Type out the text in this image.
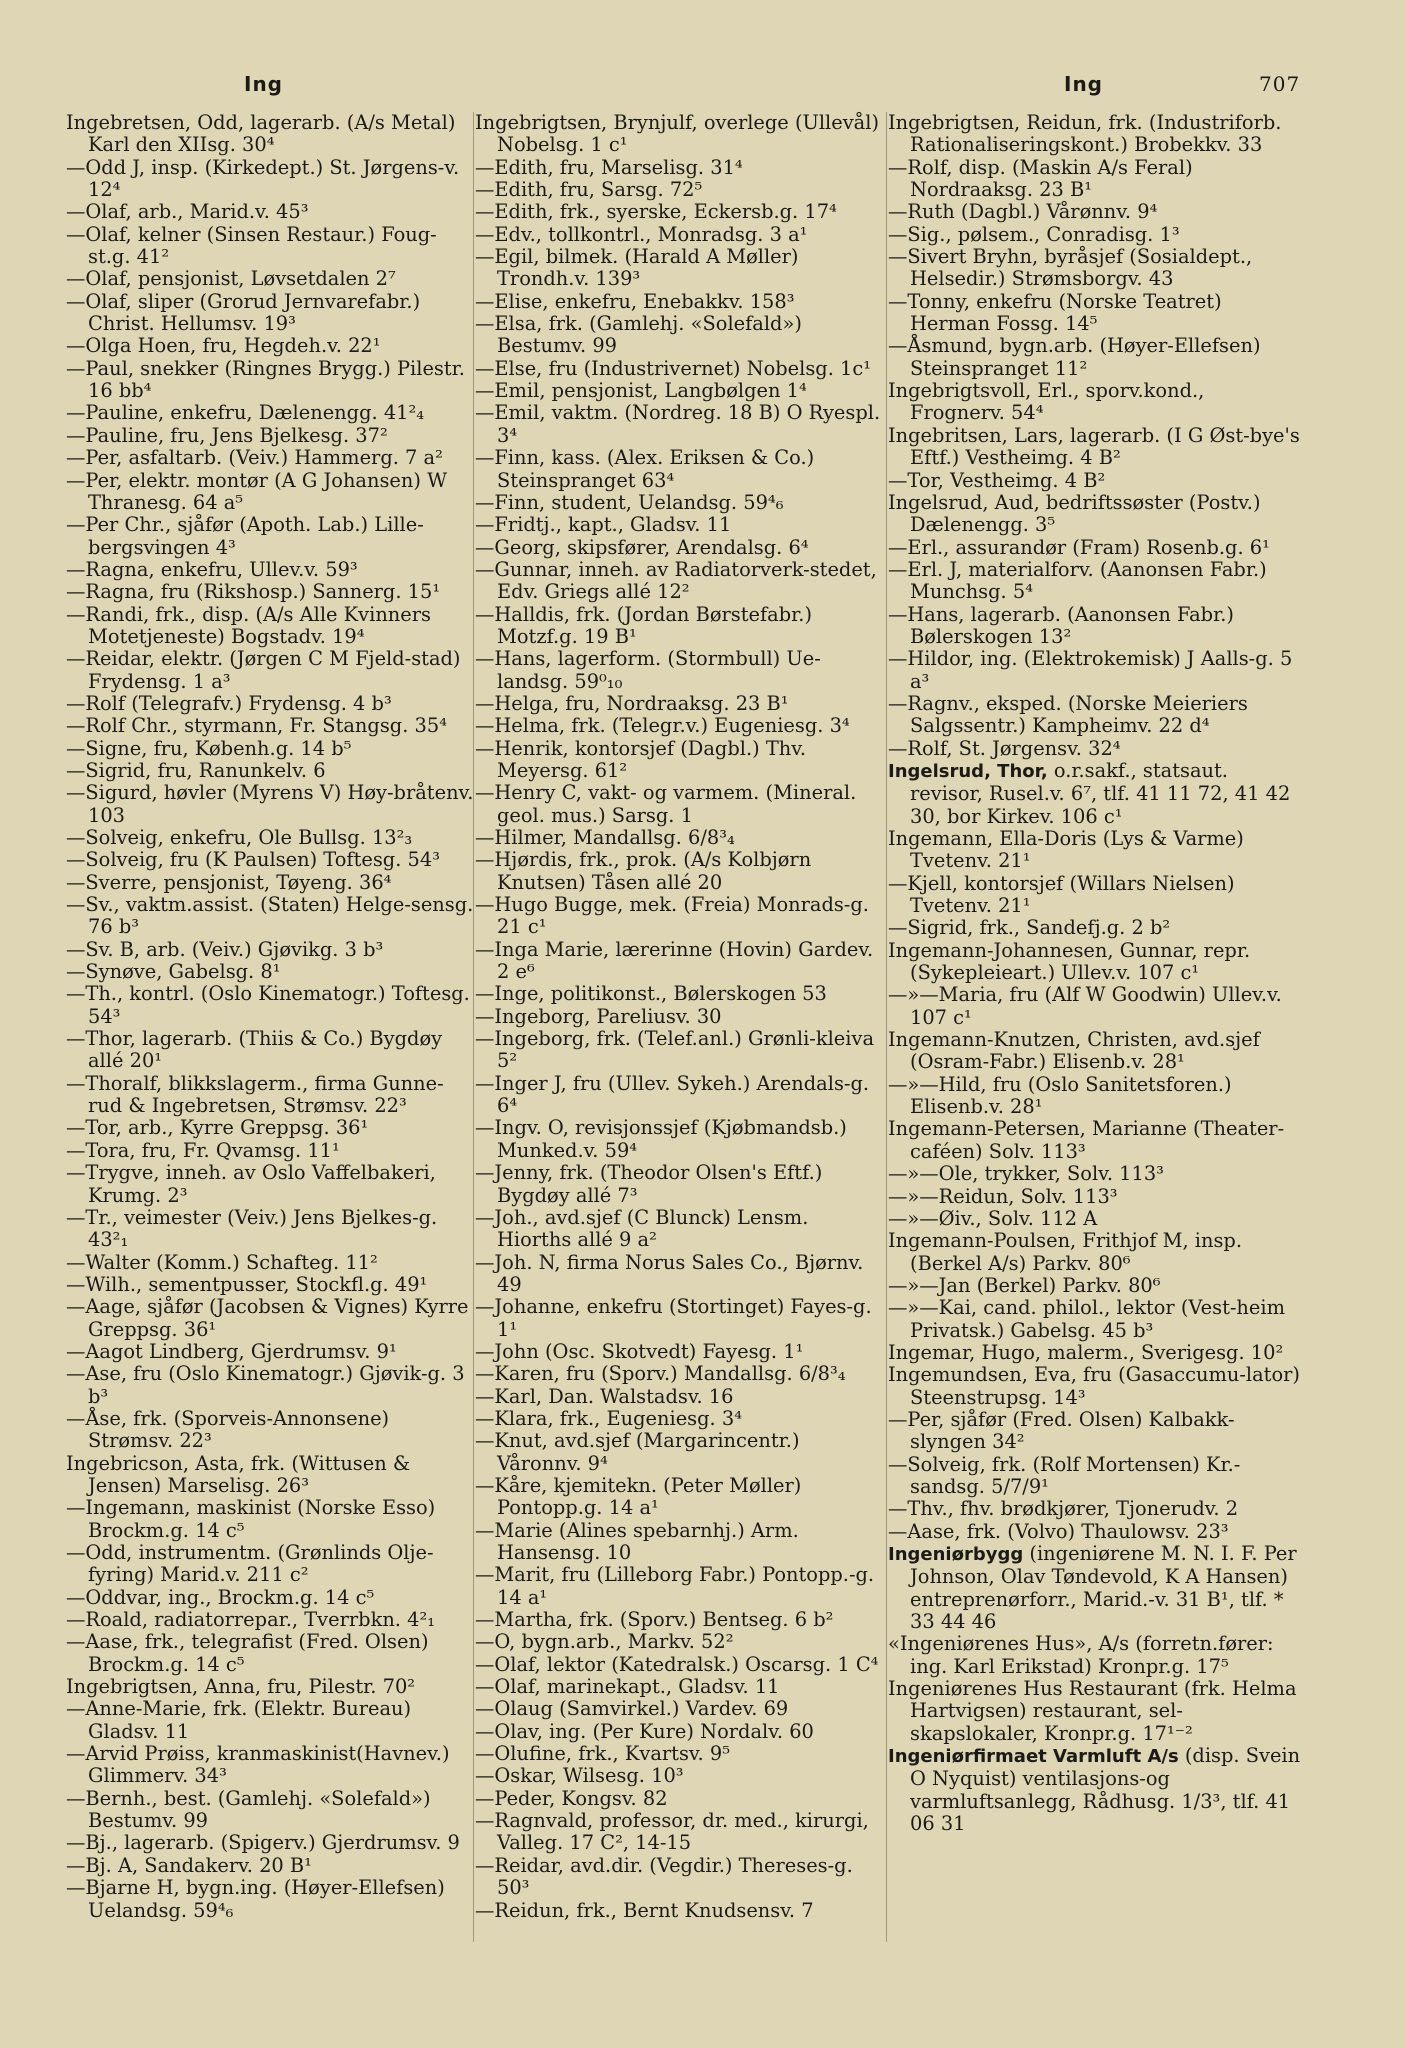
Ing	Ing	707

Ingebretsen, Odd, lagerarb. (A/s Metal) Karl den XIIsg. 30⁴

—Odd J, insp. (Kirkedept.) St. Jørgens-v. 12⁴

—Olaf, arb., Marid.v. 45³

—Olaf, kelner (Sinsen Restaur.) Foug-st.g. 41²

—Olaf, pensjonist, Løvsetdalen 2⁷

—Olaf, sliper (Grorud Jernvarefabr.) Christ. Hellumsv. 19³

—Olga Hoen, fru, Hegdeh.v. 22¹

—Paul, snekker (Ringnes Brygg.) Pilestr. 16 bb⁴

—Pauline, enkefru, Dælenengg. 41²₄

—Pauline, fru, Jens Bjelkesg. 37²

—Per, asfaltarb. (Veiv.) Hammerg. 7 a²

—Per, elektr. montør (A G Johansen) W Thranesg. 64 a⁵

—Per Chr., sjåfør (Apoth. Lab.) Lille-bergsvingen 4³

—Ragna, enkefru, Ullev.v. 59³

—Ragna, fru (Rikshosp.) Sannerg. 15¹

—Randi, frk., disp. (A/s Alle Kvinners Motetjeneste) Bogstadv. 19⁴

—Reidar, elektr. (Jørgen C M Fjeld-stad) Frydensg. 1 a³

—Rolf (Telegrafv.) Frydensg. 4 b³

—Rolf Chr., styrmann, Fr. Stangsg. 35⁴

—Signe, fru, Københ.g. 14 b⁵

—Sigrid, fru, Ranunkelv. 6

—Sigurd, høvler (Myrens V) Høy-bråtenv. 103

—Solveig, enkefru, Ole Bullsg. 13²₃

—Solveig, fru (K Paulsen) Toftesg. 54³

—Sverre, pensjonist, Tøyeng. 36⁴

—Sv., vaktm.assist. (Staten) Helge-sensg. 76 b³

—Sv. B, arb. (Veiv.) Gjøvikg. 3 b³

—Synøve, Gabelsg. 8¹

—Th., kontrl. (Oslo Kinematogr.) Toftesg. 54³

—Thor, lagerarb. (Thiis & Co.) Bygdøy allé 20¹

—Thoralf, blikkslagerm., firma Gunne-rud & Ingebretsen, Strømsv. 22³

—Tor, arb., Kyrre Greppsg. 36¹

—Tora, fru, Fr. Qvamsg. 11¹

—Trygve, inneh. av Oslo Vaffelbakeri, Krumg. 2³

—Tr., veimester (Veiv.) Jens Bjelkes-g. 43²₁

—Walter (Komm.) Schafteg. 11²

—Wilh., sementpusser, Stockfl.g. 49¹

—Aage, sjåfør (Jacobsen & Vignes) Kyrre Greppsg. 36¹

—Aagot Lindberg, Gjerdrumsv. 9¹

—Ase, fru (Oslo Kinematogr.) Gjøvik-g. 3 b³

—Åse, frk. (Sporveis-Annonsene) Strømsv. 22³

Ingebricson, Asta, frk. (Wittusen & Jensen) Marselisg. 26³

—Ingemann, maskinist (Norske Esso) Brockm.g. 14 c⁵

—Odd, instrumentm. (Grønlinds Olje-fyring) Marid.v. 211 c²

—Oddvar, ing., Brockm.g. 14 c⁵

—Roald, radiatorrepar., Tverrbkn. 4²₁

—Aase, frk., telegrafist (Fred. Olsen) Brockm.g. 14 c⁵

Ingebrigtsen, Anna, fru, Pilestr. 70²

—Anne-Marie, frk. (Elektr. Bureau) Gladsv. 11

—Arvid Prøiss, kranmaskinist(Havnev.) Glimmerv. 34³

—Bernh., best. (Gamlehj. «Solefald») Bestumv. 99

—Bj., lagerarb. (Spigerv.) Gjerdrumsv. 9

—Bj. A, Sandakerv. 20 B¹

—Bjarne H, bygn.ing. (Høyer-Ellefsen) Uelandsg. 59⁴₆

Ingebrigtsen, Brynjulf, overlege (Ullevål) Nobelsg. 1 c¹

—Edith, fru, Marselisg. 31⁴

—Edith, fru, Sarsg. 72⁵

—Edith, frk., syerske, Eckersb.g. 17⁴

—Edv., tollkontrl., Monradsg. 3 a¹

—Egil, bilmek. (Harald A Møller) Trondh.v. 139³

—Elise, enkefru, Enebakkv. 158³

—Elsa, frk. (Gamlehj. «Solefald») Bestumv. 99

—Else, fru (Industrivernet) Nobelsg. 1c¹

—Emil, pensjonist, Langbølgen 1⁴

—Emil, vaktm. (Nordreg. 18 B) O Ryespl. 3⁴

—Finn, kass. (Alex. Eriksen & Co.) Steinspranget 63⁴

—Finn, student, Uelandsg. 59⁴₆

—Fridtj., kapt., Gladsv. 11

—Georg, skipsfører, Arendalsg. 6⁴

—Gunnar, inneh. av Radiatorverk-stedet, Edv. Griegs allé 12²

—Halldis, frk. (Jordan Børstefabr.) Motzf.g. 19 B¹

—Hans, lagerform. (Stormbull) Ue-landsg. 59⁰₁₀

—Helga, fru, Nordraaksg. 23 B¹

—Helma, frk. (Telegr.v.) Eugeniesg. 3⁴

—Henrik, kontorsjef (Dagbl.) Thv. Meyersg. 61²

—Henry C, vakt- og varmem. (Mineral. geol. mus.) Sarsg. 1

—Hilmer, Mandallsg. 6/8³₄

—Hjørdis, frk., prok. (A/s Kolbjørn Knutsen) Tåsen allé 20

—Hugo Bugge, mek. (Freia) Monrads-g. 21 c¹

—Inga Marie, lærerinne (Hovin) Gardev. 2 e⁶

—Inge, politikonst., Bølerskogen 53

—Ingeborg, Pareliusv. 30

—Ingeborg, frk. (Telef.anl.) Grønli-kleiva 5²

—Inger J, fru (Ullev. Sykeh.) Arendals-g. 6⁴

—Ingv. O, revisjonssjef (Kjøbmandsb.) Munked.v. 59⁴

—Jenny, frk. (Theodor Olsen's Eftf.) Bygdøy allé 7³

—Joh., avd.sjef (C Blunck) Lensm. Hiorths allé 9 a²

—Joh. N, firma Norus Sales Co., Bjørnv. 49

—Johanne, enkefru (Stortinget) Fayes-g. 1¹

—John (Osc. Skotvedt) Fayesg. 1¹

—Karen, fru (Sporv.) Mandallsg. 6/8³₄

—Karl, Dan. Walstadsv. 16

—Klara, frk., Eugeniesg. 3⁴

—Knut, avd.sjef (Margarincentr.) Våronnv. 9⁴

—Kåre, kjemitekn. (Peter Møller) Pontopp.g. 14 a¹

—Marie (Alines spebarnhj.) Arm. Hansensg. 10

—Marit, fru (Lilleborg Fabr.) Pontopp.-g. 14 a¹

—Martha, frk. (Sporv.) Bentseg. 6 b²

—O, bygn.arb., Markv. 52²

—Olaf, lektor (Katedralsk.) Oscarsg. 1 C⁴

—Olaf, marinekapt., Gladsv. 11

—Olaug (Samvirkel.) Vardev. 69

—Olav, ing. (Per Kure) Nordalv. 60

—Olufine, frk., Kvartsv. 9⁵

—Oskar, Wilsesg. 10³

—Peder, Kongsv. 82

—Ragnvald, professor, dr. med., kirurgi, Valleg. 17 C², 14-15

—Reidar, avd.dir. (Vegdir.) Thereses-g. 50³

—Reidun, frk., Bernt Knudsensv. 7

Ingebrigtsen, Reidun, frk. (Industriforb. Rationaliseringskont.) Brobekkv. 33

—Rolf, disp. (Maskin A/s Feral) Nordraaksg. 23 B¹

—Ruth (Dagbl.) Vårønnv. 9⁴

—Sig., pølsem., Conradisg. 1³

—Sivert Bryhn, byråsjef (Sosialdept., Helsedir.) Strømsborgv. 43

—Tonny, enkefru (Norske Teatret) Herman Fossg. 14⁵

—Åsmund, bygn.arb. (Høyer-Ellefsen) Steinspranget 11²

Ingebrigtsvoll, Erl., sporv.kond., Frognerv. 54⁴

Ingebritsen, Lars, lagerarb. (I G Øst-bye's Eftf.) Vestheimg. 4 B²

—Tor, Vestheimg. 4 B²

Ingelsrud, Aud, bedriftssøster (Postv.) Dælenengg. 3⁵

—Erl., assurandør (Fram) Rosenb.g. 6¹

—Erl. J, materialforv. (Aanonsen Fabr.) Munchsg. 5⁴

—Hans, lagerarb. (Aanonsen Fabr.) Bølerskogen 13²

—Hildor, ing. (Elektrokemisk) J Aalls-g. 5 a³

—Ragnv., eksped. (Norske Meieriers Salgssentr.) Kampheimv. 22 d⁴

—Rolf, St. Jørgensv. 32⁴

Ingelsrud, Thor, o.r.sakf., statsaut. revisor, Rusel.v. 6⁷, tlf. 41 11 72, 41 42 30, bor Kirkev. 106 c¹

Ingemann, Ella-Doris (Lys & Varme) Tvetenv. 21¹

—Kjell, kontorsjef (Willars Nielsen) Tvetenv. 21¹

—Sigrid, frk., Sandefj.g. 2 b²

Ingemann-Johannesen, Gunnar, repr. (Sykepleieart.) Ullev.v. 107 c¹

—»—Maria, fru (Alf W Goodwin) Ullev.v. 107 c¹

Ingemann-Knutzen, Christen, avd.sjef (Osram-Fabr.) Elisenb.v. 28¹

—»—Hild, fru (Oslo Sanitetsforen.) Elisenb.v. 28¹

Ingemann-Petersen, Marianne (Theater-caféen) Solv. 113³

—»—Ole, trykker, Solv. 113³

—»—Reidun, Solv. 113³

—»—Øiv., Solv. 112 A

Ingemann-Poulsen, Frithjof M, insp. (Berkel A/s) Parkv. 80⁶

—»—Jan (Berkel) Parkv. 80⁶

—»—Kai, cand. philol., lektor (Vest-heim Privatsk.) Gabelsg. 45 b³

Ingemar, Hugo, malerm., Sverigesg. 10²

Ingemundsen, Eva, fru (Gasaccumu-lator) Steenstrupsg. 14³

—Per, sjåfør (Fred. Olsen) Kalbakk-slyngen 34²

—Solveig, frk. (Rolf Mortensen) Kr.-sandsg. 5/7/9¹

—Thv., fhv. brødkjører, Tjonerudv. 2

—Aase, frk. (Volvo) Thaulowsv. 23³

Ingeniørbygg (ingeniørene M. N. I. F. Per Johnson, Olav Tøndevold, K A Hansen) entreprenørforr., Marid.-v. 31 B¹, tlf. * 33 44 46

«Ingeniørenes Hus», A/s (forretn.fører: ing. Karl Erikstad) Kronpr.g. 17⁵

Ingeniørenes Hus Restaurant (frk. Helma Hartvigsen) restaurant, sel-skapslokaler, Kronpr.g. 17¹⁻²

Ingeniørfirmaet Varmluft A/s (disp. Svein O Nyquist) ventilasjons-og varmluftsanlegg, Rådhusg. 1/3³, tlf. 41 06 31
